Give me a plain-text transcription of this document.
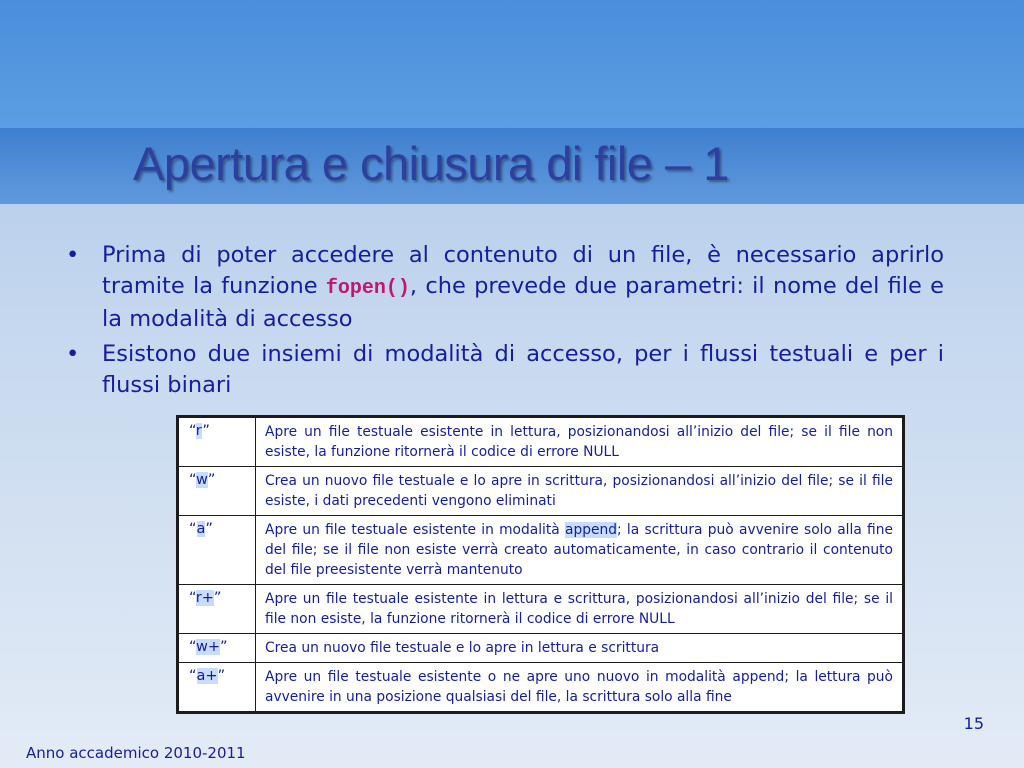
Apertura e chiusura di file – 1
• Prima di poter accedere al contenuto di un file, è necessario aprirlo tramite la funzione fopen(), che prevede due parametri: il nome del file e la modalità di accesso
• Esistono due insiemi di modalità di accesso, per i flussi testuali e per i flussi binari
“r”	Apre un file testuale esistente in lettura, posizionandosi all’inizio del file; se il file non esiste, la funzione ritornerà il codice di errore NULL
“w”	Crea un nuovo file testuale e lo apre in scrittura, posizionandosi all’inizio del file; se il file esiste, i dati precedenti vengono eliminati
“a”	Apre un file testuale esistente in modalità append; la scrittura può avvenire solo alla fine del file; se il file non esiste verrà creato automaticamente, in caso contrario il contenuto del file preesistente verrà mantenuto
“r+”	Apre un file testuale esistente in lettura e scrittura, posizionandosi all’inizio del file; se il file non esiste, la funzione ritornerà il codice di errore NULL
“w+”	Crea un nuovo file testuale e lo apre in lettura e scrittura
“a+”	Apre un file testuale esistente o ne apre uno nuovo in modalità append; la lettura può avvenire in una posizione qualsiasi del file, la scrittura solo alla fine
15
Anno accademico 2010-2011
